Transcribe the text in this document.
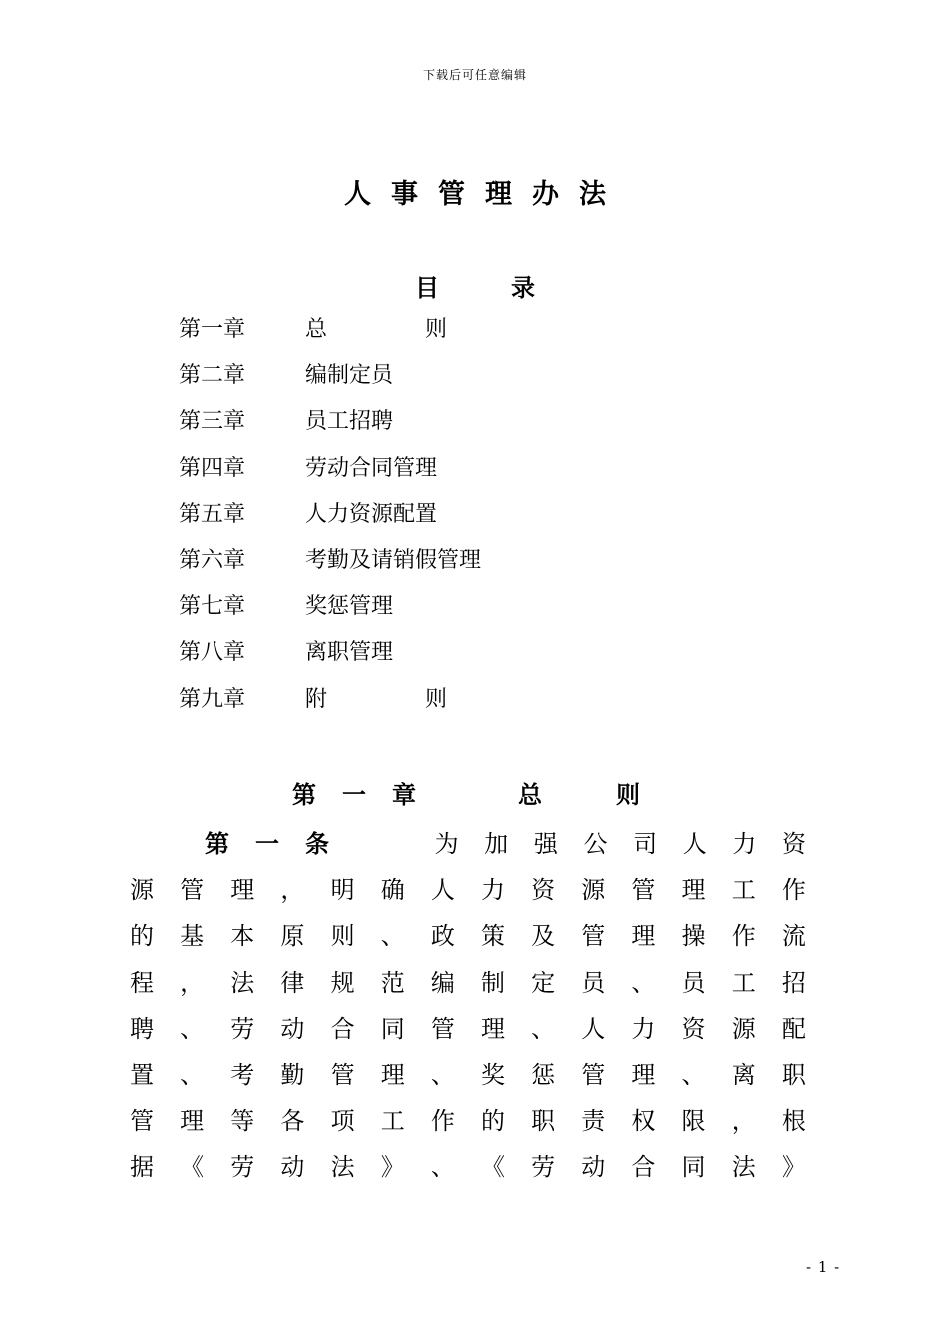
下载后可任意编辑
人事管理办法
目录
第一章	总则
第二章	编制定员
第三章	员工招聘
第四章	劳动合同管理
第五章	人力资源配置
第六章	考勤及请销假管理
第七章	奖惩管理
第八章	离职管理
第九章	附则
第一章	总则
第一条	为 加 强 公 司 人 力 资
源 管 理 ， 明 确 人 力 资 源 管 理 工 作
的 基 本 原 则 、 政 策 及 管 理 操 作 流
程 ， 法 律 规 范 编 制 定 员 、 员 工 招
聘 、 劳 动 合 同 管 理 、 人 力 资 源 配
置 、 考 勤 管 理 、 奖 惩 管 理 、 离 职
管 理 等 各 项 工 作 的 职 责 权 限 ， 根
据 《 劳 动 法 》 、 《 劳 动 合 同 法 》
- 1 -
